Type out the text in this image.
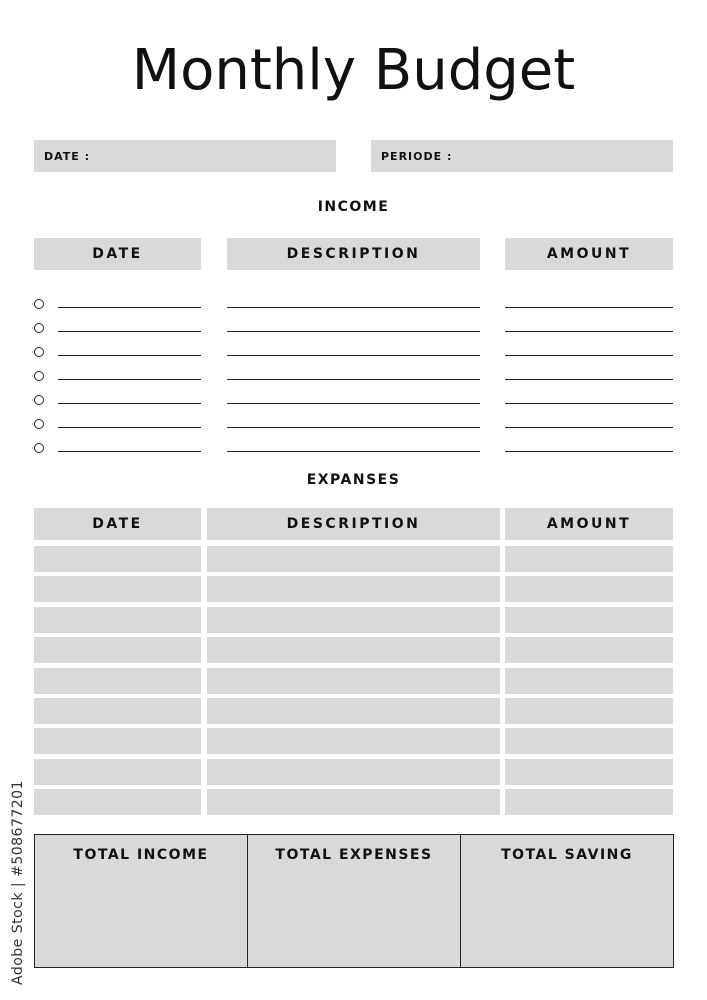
Monthly Budget
DATE :	PERIODE :
INCOME
DATE	DESCRIPTION	AMOUNT
EXPANSES
DATE	DESCRIPTION	AMOUNT
TOTAL INCOME	TOTAL EXPENSES	TOTAL SAVING
Adobe Stock | #508677201
